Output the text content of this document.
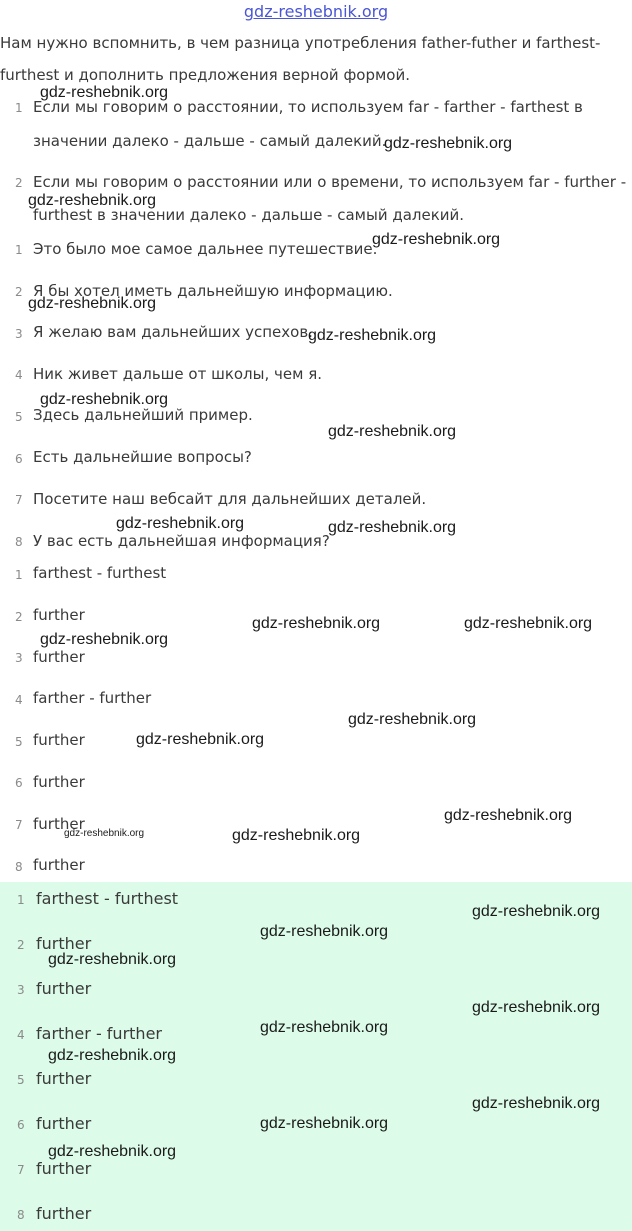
gdz-reshebnik.org
Нам нужно вспомнить, в чем разница употребления father-futher и farthest-
furthest и дополнить предложения верной формой.
1 Если мы говорим о расстоянии, то используем far - farther - farthest в
значении далеко - дальше - самый далекий.
2 Если мы говорим о расстоянии или о времени, то используем far - further -
furthest в значении далеко - дальше - самый далекий.
1 Это было мое самое дальнее путешествие.
2 Я бы хотел иметь дальнейшую информацию.
3 Я желаю вам дальнейших успехов.
4 Ник живет дальше от школы, чем я.
5 Здесь дальнейший пример.
6 Есть дальнейшие вопросы?
7 Посетите наш вебсайт для дальнейших деталей.
8 У вас есть дальнейшая информация?
1 farthest - furthest
2 further
3 further
4 farther - further
5 further
6 further
7 further
8 further
1 farthest - furthest
2 further
3 further
4 farther - further
5 further
6 further
7 further
8 further
gdz-reshebnik.org
gdz-reshebnik.org
gdz-reshebnik.org
gdz-reshebnik.org
gdz-reshebnik.org
gdz-reshebnik.org
gdz-reshebnik.org
gdz-reshebnik.org
gdz-reshebnik.org	gdz-reshebnik.org
gdz-reshebnik.org	gdz-reshebnik.org
gdz-reshebnik.org
gdz-reshebnik.org
gdz-reshebnik.org
gdz-reshebnik.org
gdz-reshebnik.org	gdz-reshebnik.org
gdz-reshebnik.org
gdz-reshebnik.org
gdz-reshebnik.org
gdz-reshebnik.org
gdz-reshebnik.org
gdz-reshebnik.org
gdz-reshebnik.org
gdz-reshebnik.org
gdz-reshebnik.org
